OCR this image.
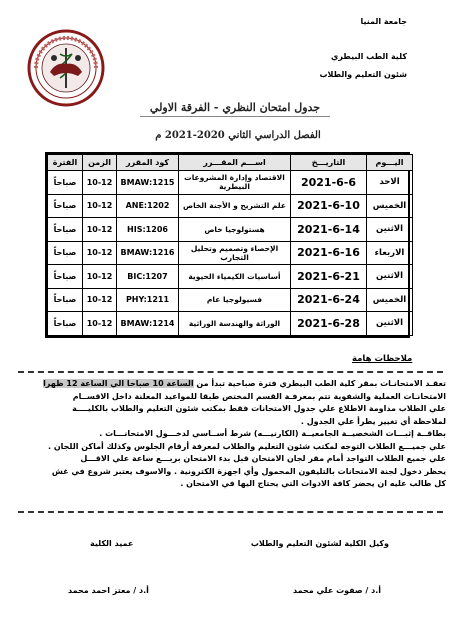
جامعة المنيا
كلية الطب البيطري
شئون التعليم والطلاب
جدول امتحان النظري - الفرقة الاولي
الفصل الدراسي الثاني 2020-2021 م
اليـــوم	التاريـــخ	اســـم المقـــرر	كود المقرر	الزمن	الفترة
الاحد	2021-6-6	الاقتصاد وإدارة المشروعات البيطرية	BMAW:1215	10-12	صباحاً
الخميس	2021-6-10	علم التشريح و الأجنة الخاص	ANE:1202	10-12	صباحاً
الاثنين	2021-6-14	هستولوجيا خاص	HIS:1206	10-12	صباحاً
الاربعاء	2021-6-16	الإحصاء وتصميم وتحليل التجارب	BMAW:1216	10-12	صباحاً
الاثنين	2021-6-21	أساسيات الكيمياء الحيوية	BIC:1207	10-12	صباحاً
الخميس	2021-6-24	فسيولوجيا عام	PHY:1211	10-12	صباحاً
الاثنين	2021-6-28	الوراثة والهندسة الوراثية	BMAW:1214	10-12	صباحاً
ملاحظات هامة

تعقـد الامتحانـات بمقر كلية الطب البيطري فترة صباحية تبدأ من الساعة 10 صباحا الي الساعة 12 ظهرا

الامتحانـات العملية والشفوية تتم بمعرفـة القسم المختص طبقا للمواعيد المعلنة داخل الاقســام

علي الطلاب مداومة الاطلاع علي جدول الامتحانات فقط بمكتب شئون التعليم والطلاب بالكليــــة

لملاحظة أي تغيير يطرأ علي الجدول .

بطاقــة إثبـــات الشخصيــة الجامعيــة (الكارنيـــه) شرط أســاسي لدخـــول الامتحانـــات .

علي جميـــع الطلاب التوجه لمكتب شئون التعليم والطلاب لمعرفة أرقام الجلوس وكذلك أماكن اللجان .

علي جميع الطلاب التواجد أمام مقر لجان الامتحان قبل بدء الامتحان بربـــع ساعة علي الاقـــل

يحظر دخول لجنة الامتحانات بالتليفون المحمول وأي اجهزة الكترونية . والاسوف يعتبر شروع في غش

كل طالب عليه ان يحضر كافة الادوات التي يحتاج اليها في الامتحان .

وكيل الكلية لشئون التعليم والطلاب
عميد الكلية
أ.د / صفوت علي محمد
أ.د / معتز احمد محمد
